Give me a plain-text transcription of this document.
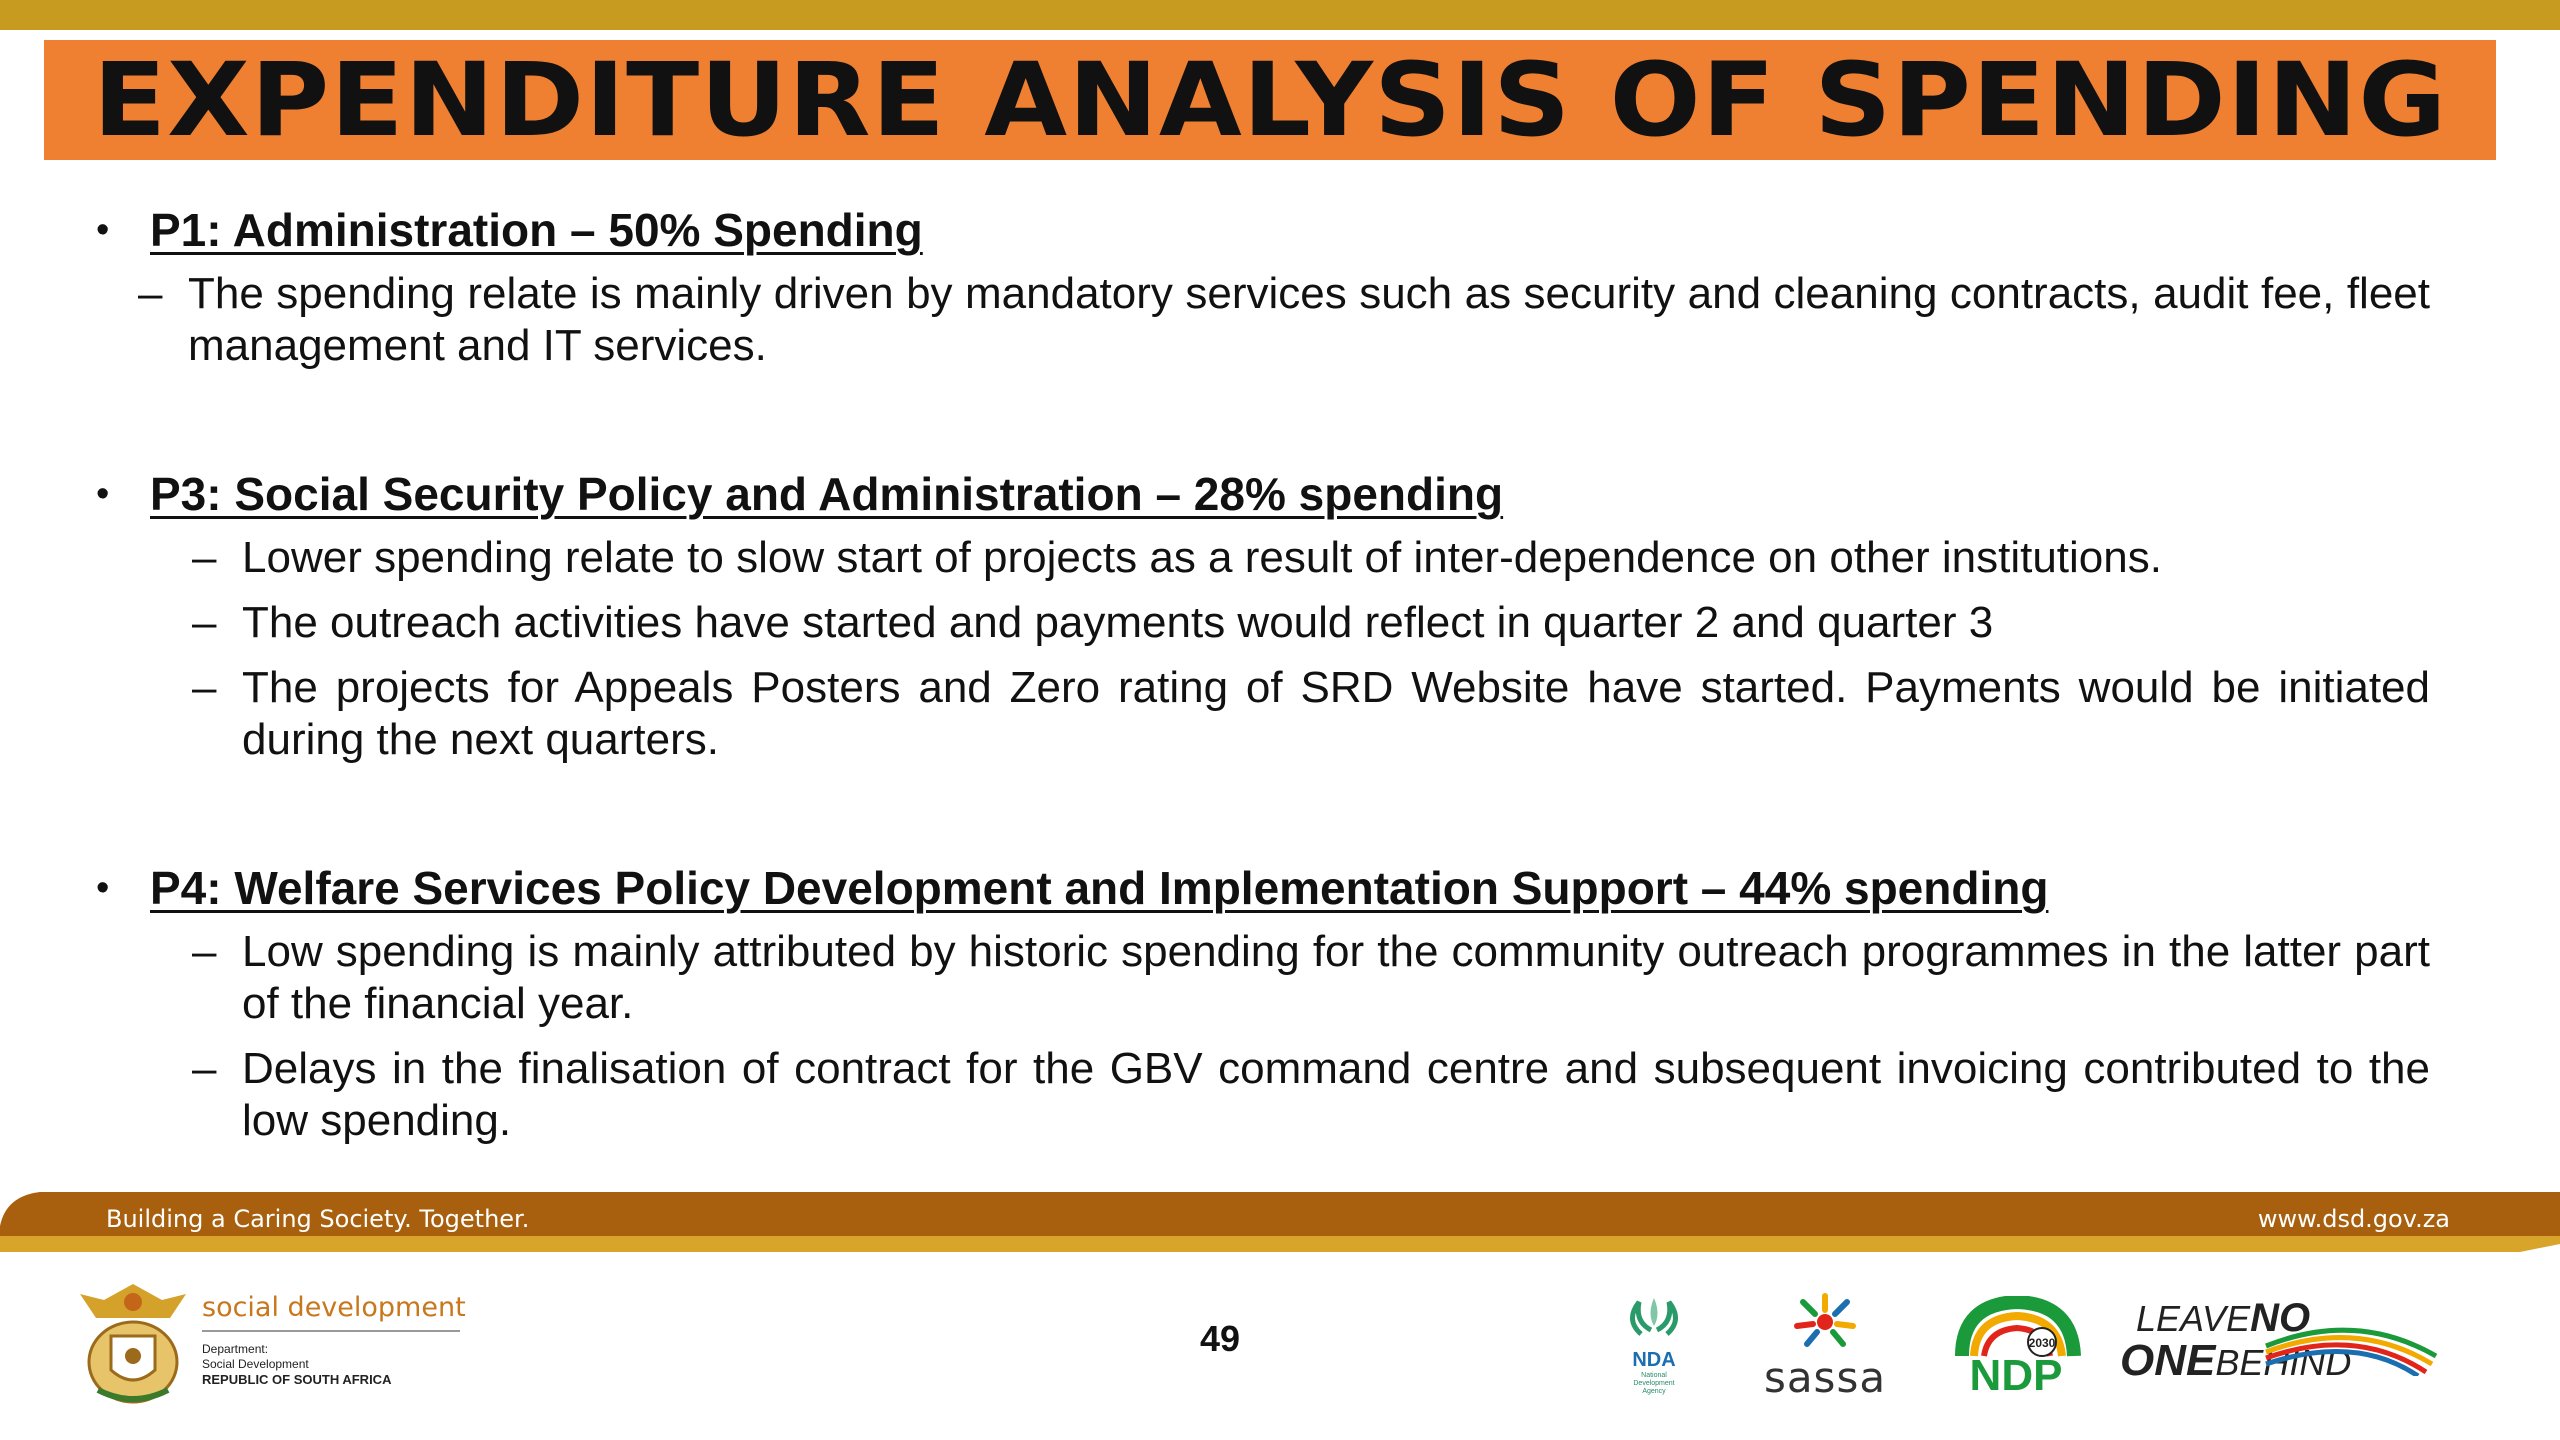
EXPENDITURE ANALYSIS OF SPENDING
• P1: Administration – 50% Spending
– The spending relate is mainly driven by mandatory services such as security and cleaning contracts, audit fee, fleet management and IT services.
• P3: Social Security Policy and Administration – 28% spending
– Lower spending relate to slow start of projects as a result of inter-dependence on other institutions.
– The outreach activities have started and payments would reflect in quarter 2 and quarter 3
– The projects for Appeals Posters and Zero rating of SRD Website have started. Payments would be initiated during the next quarters.
• P4: Welfare Services Policy Development and Implementation Support – 44% spending
– Low spending is mainly attributed by historic spending for the community outreach programmes in the latter part of the financial year.
– Delays in the finalisation of contract for the GBV command centre and subsequent invoicing contributed to the low spending.
Building a Caring Society. Together.	www.dsd.gov.za
49
social development
Department:
Social Development
REPUBLIC OF SOUTH AFRICA
NDA
National
Development
Agency	sassa
2030
NDP
LEAVENO
ONEBEHIND
